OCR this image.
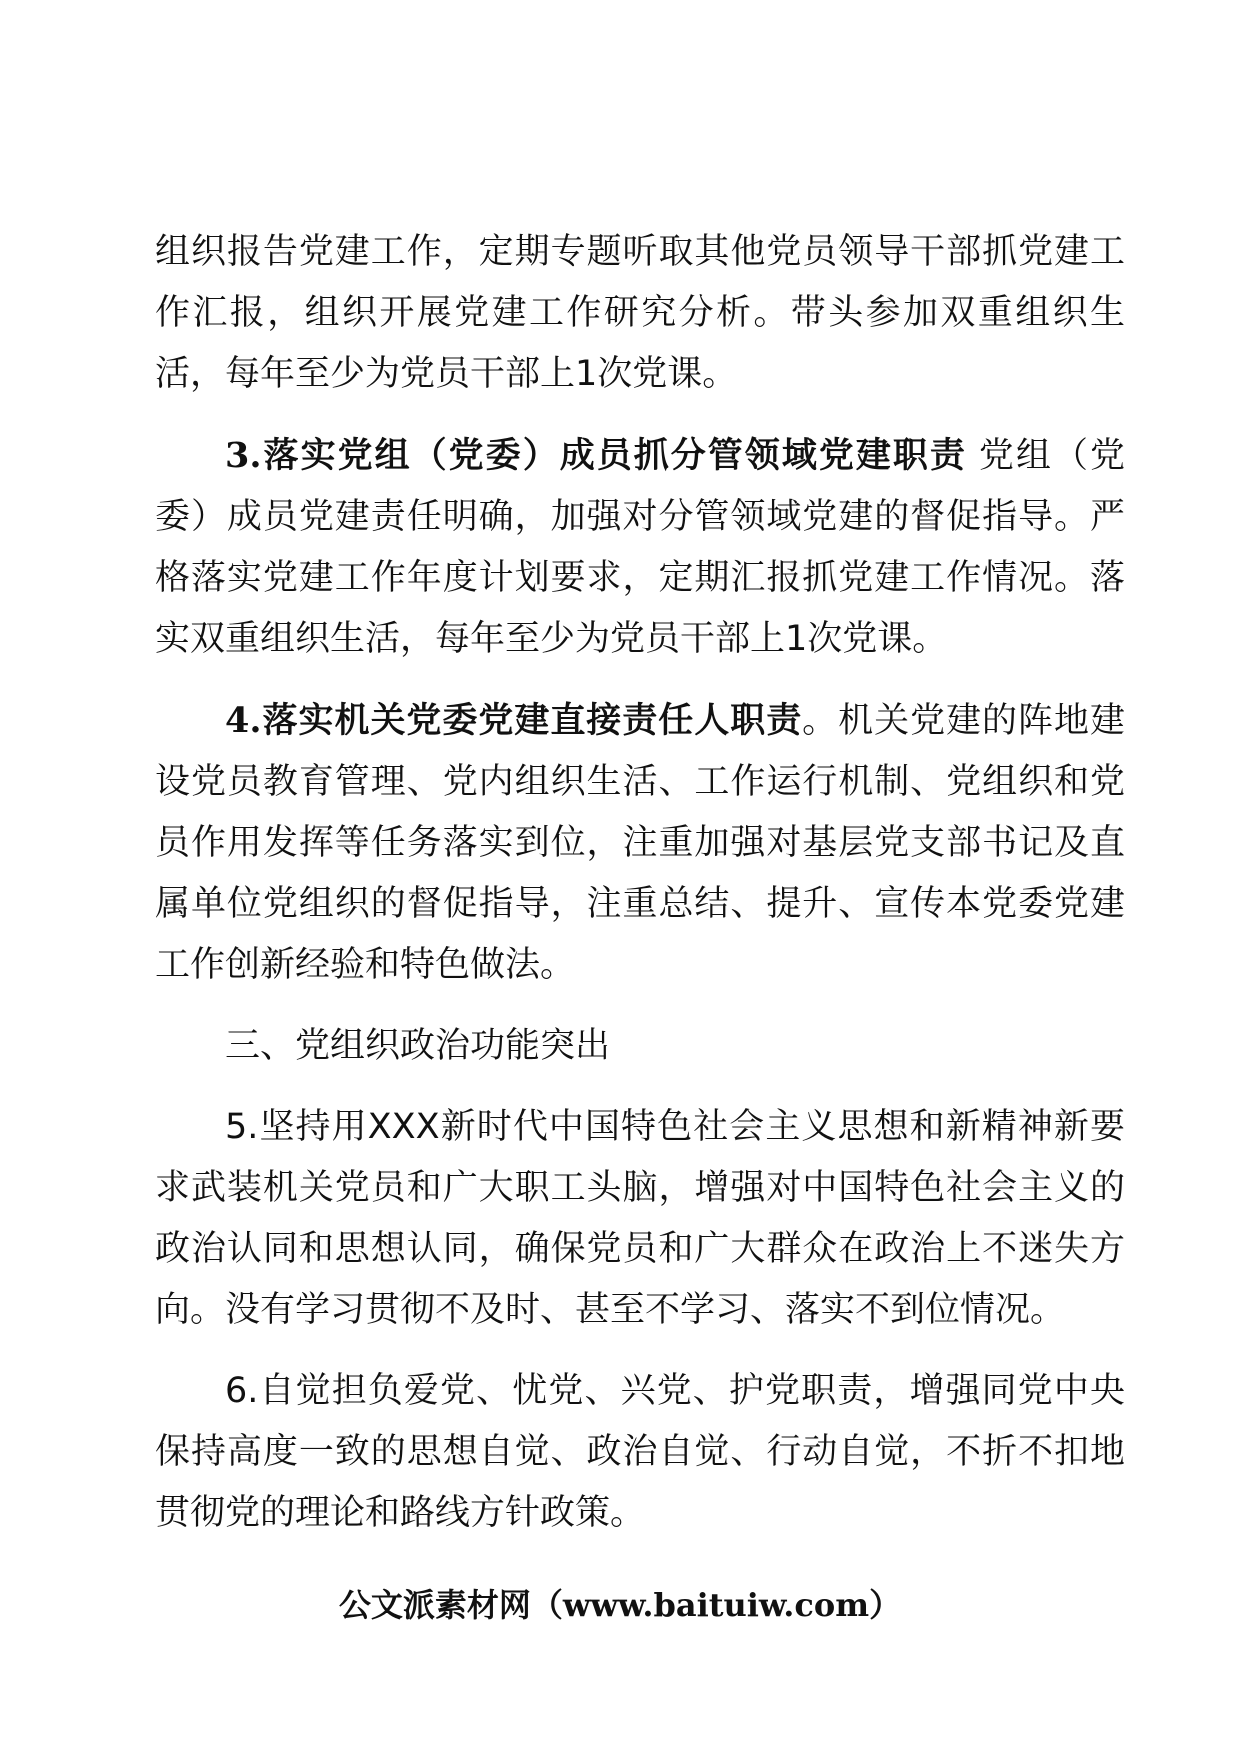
组织报告党建工作，定期专题听取其他党员领导干部抓党建工作汇报，组织开展党建工作研究分析。带头参加双重组织生活，每年至少为党员干部上1次党课。

3.落实党组（党委）成员抓分管领域党建职责 党组（党委）成员党建责任明确，加强对分管领域党建的督促指导。严格落实党建工作年度计划要求，定期汇报抓党建工作情况。落实双重组织生活，每年至少为党员干部上1次党课。

4.落实机关党委党建直接责任人职责。机关党建的阵地建设党员教育管理、党内组织生活、工作运行机制、党组织和党员作用发挥等任务落实到位，注重加强对基层党支部书记及直属单位党组织的督促指导，注重总结、提升、宣传本党委党建工作创新经验和特色做法。

三、党组织政治功能突出

5.坚持用XXX新时代中国特色社会主义思想和新精神新要求武装机关党员和广大职工头脑，增强对中国特色社会主义的政治认同和思想认同，确保党员和广大群众在政治上不迷失方向。没有学习贯彻不及时、甚至不学习、落实不到位情况。

6.自觉担负爱党、忧党、兴党、护党职责，增强同党中央保持高度一致的思想自觉、政治自觉、行动自觉，不折不扣地贯彻党的理论和路线方针政策。

公文派素材网（www.baituiw.com）
